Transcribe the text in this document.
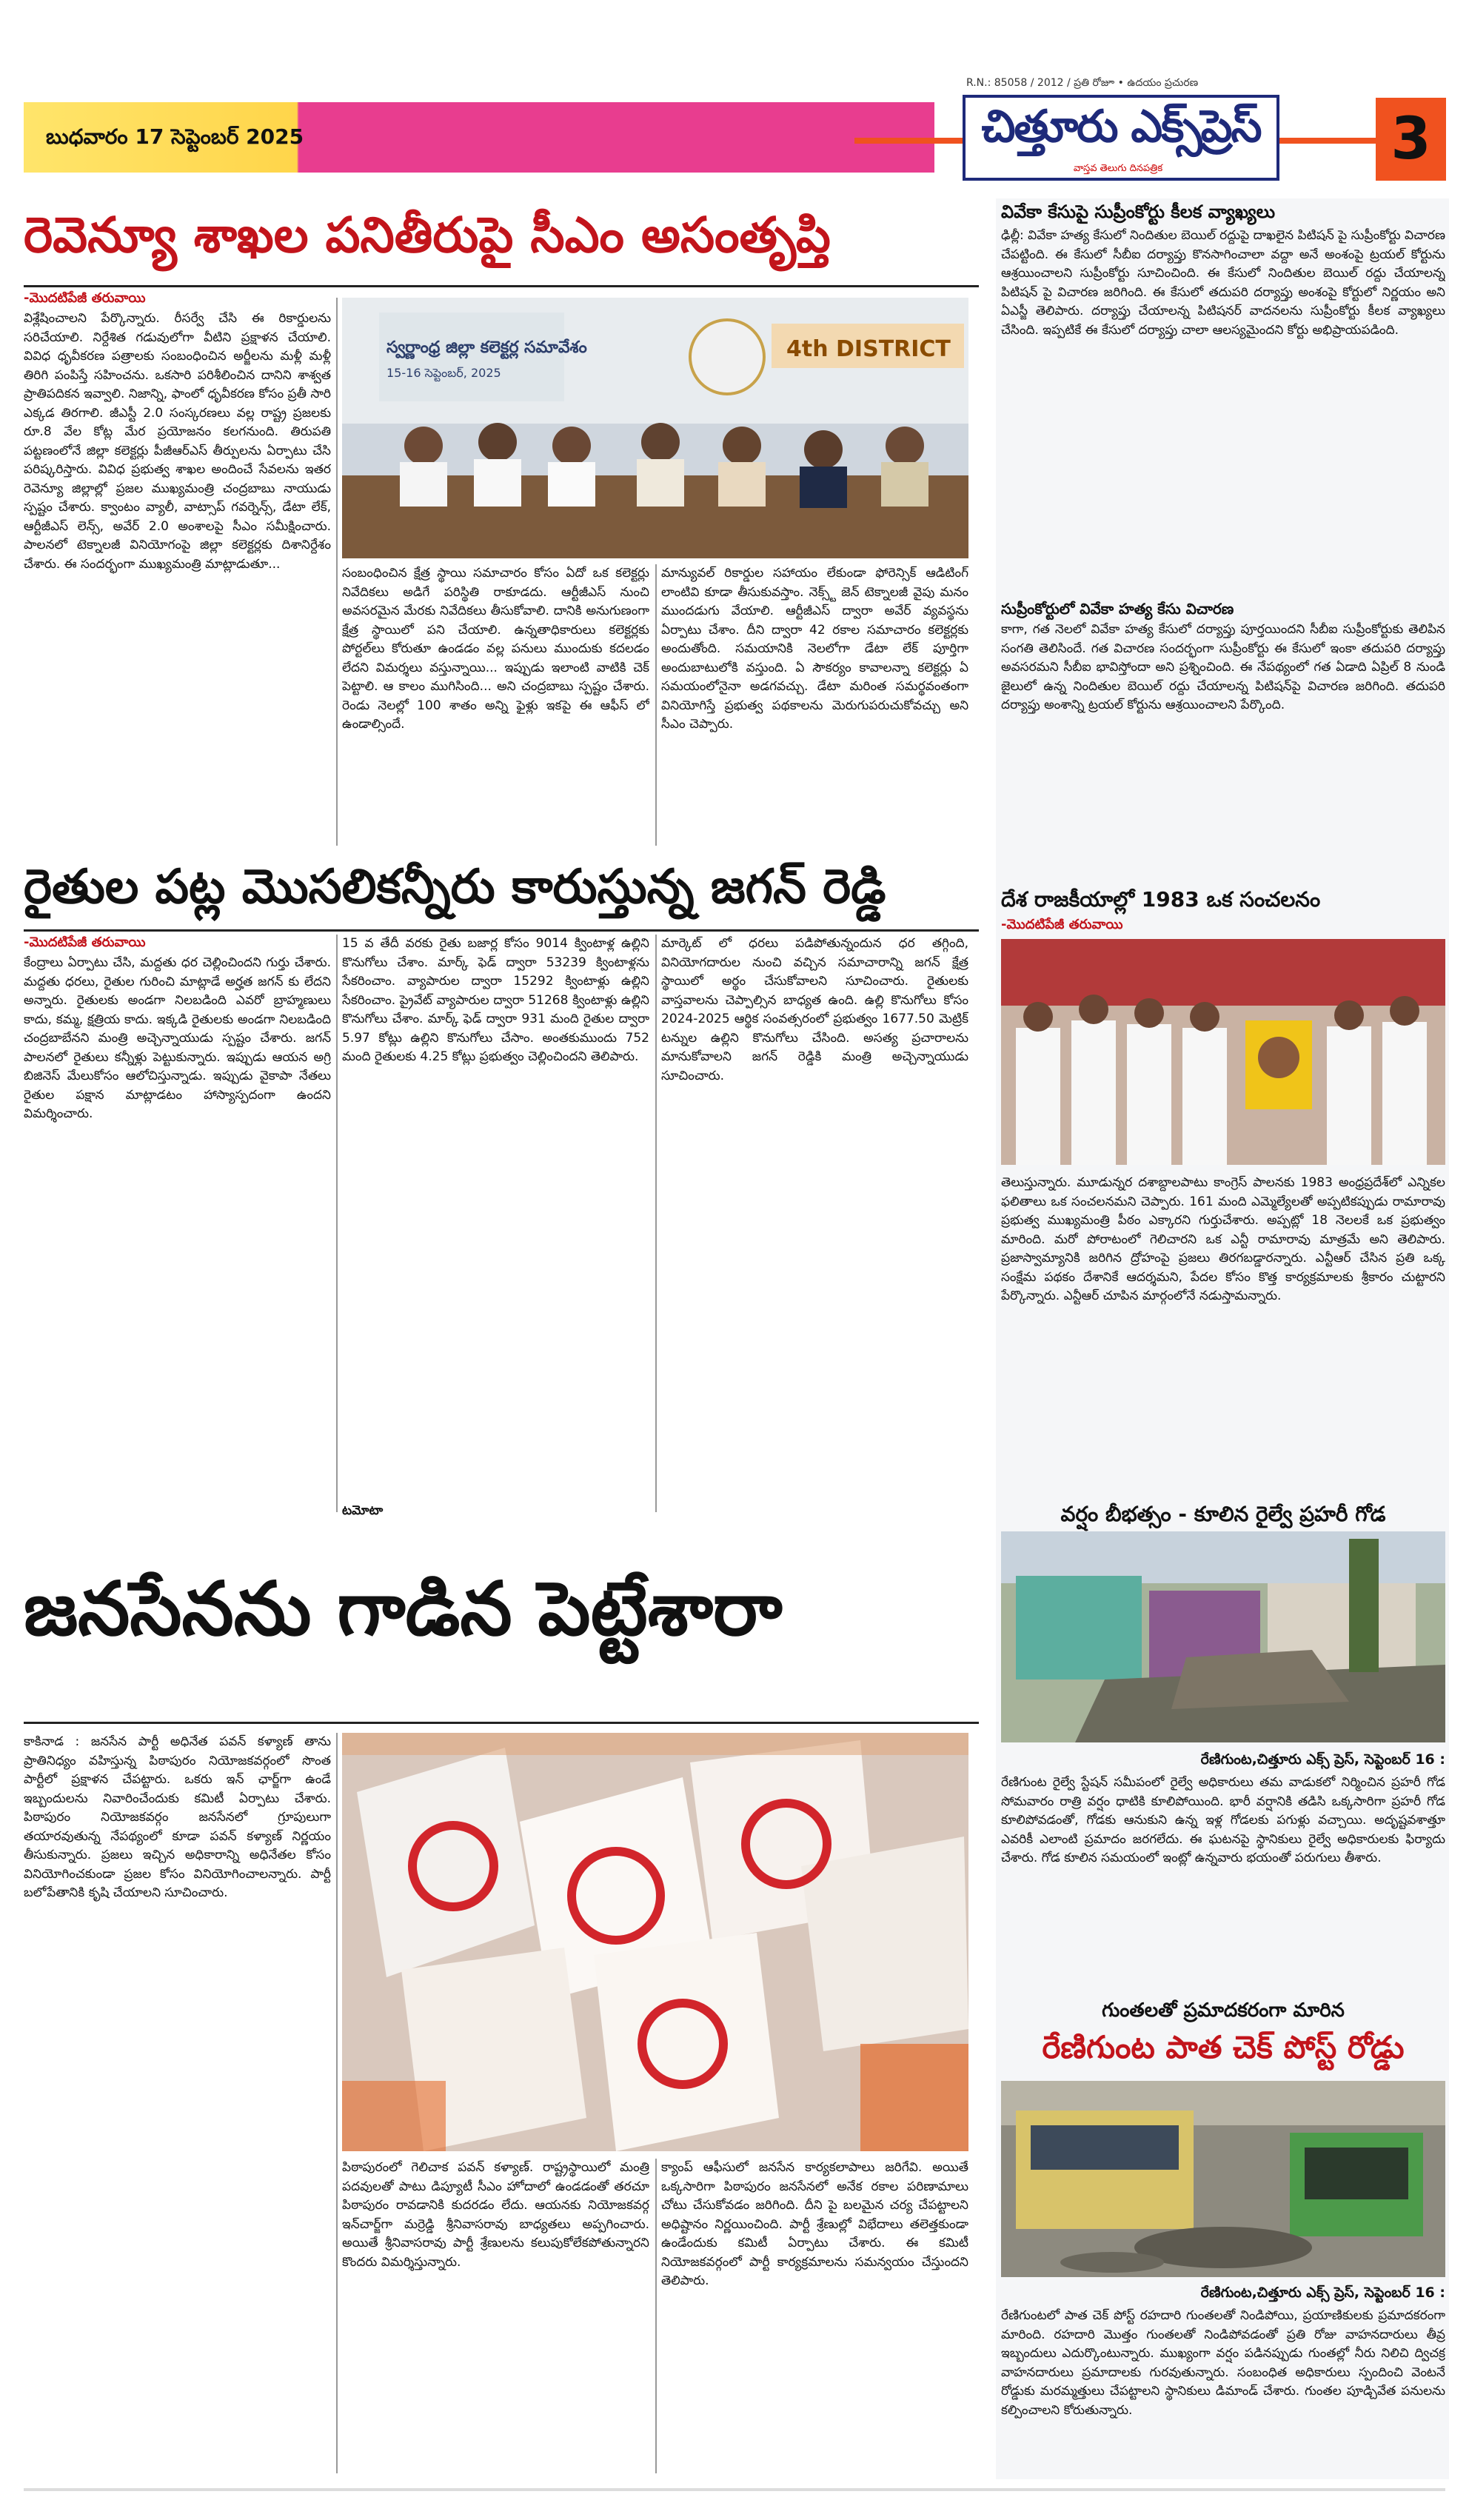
బుధవారం 17 సెప్టెంబర్ 2025
R.N.: 85058 / 2012 / ప్రతి రోజూ • ఉదయం ప్రచురణ
చిత్తూరు ఎక్స్‌ప్రెస్
వాస్తవ తెలుగు దినపత్రిక	3
రెవెన్యూ శాఖల పనితీరుపై సీఎం అసంతృప్తి
-మొదటిపేజీ తరువాయి
విశ్లేషించాలని పేర్కొన్నారు. రీసర్వే చేసి ఈ రికార్డులను సరిచేయాలి. నిర్దేశిత గడువులోగా వీటిని ప్రక్షాళన చేయాలి. వివిధ ధృవీకరణ పత్రాలకు సంబంధించిన అర్జీలను మళ్లీ మళ్లీ తిరిగి పంపిస్తే సహించను. ఒకసారి పరిశీలించిన దానిని శాశ్వత ప్రాతిపదికన ఇవ్వాలి. నిజాన్ని, ఫాంలో ధృవీకరణ కోసం ప్రతీ సారి ఎక్కడ తిరగాలి. జీఎస్టీ 2.0 సంస్కరణలు వల్ల రాష్ట్ర ప్రజలకు రూ.8 వేల కోట్ల మేర ప్రయోజనం కలగనుంది. తిరుపతి పట్టణంలోనే జిల్లా కలెక్టర్లు పీజీఆర్ఎస్ తీర్పులను ఏర్పాటు చేసి పరిష్కరిస్తారు. వివిధ ప్రభుత్వ శాఖల అందించే సేవలను ఇతర రెవెన్యూ జిల్లాల్లో ప్రజల ముఖ్యమంత్రి చంద్రబాబు నాయుడు స్పష్టం చేశారు. క్వాంటం వ్యాలీ, వాట్సాప్ గవర్నెన్స్, డేటా లేక్, ఆర్టీజీఎస్ లెన్స్, అవేర్ 2.0 అంశాలపై సీఎం సమీక్షించారు. పాలనలో టెక్నాలజీ వినియోగంపై జిల్లా కలెక్టర్లకు దిశానిర్దేశం చేశారు. ఈ సందర్భంగా ముఖ్యమంత్రి మాట్లాడుతూ...
స్వర్ణాంధ్ర జిల్లా కలెక్టర్ల సమావేశం
15-16 సెప్టెంబర్, 2025
4th DISTRICT
సంబంధించిన క్షేత్ర స్థాయి సమాచారం కోసం ఏదో ఒక కలెక్టర్లు నివేదికలు అడిగే పరిస్థితి రాకూడదు. ఆర్టీజీఎస్ నుంచి అవసరమైన మేరకు నివేదికలు తీసుకోవాలి. దానికి అనుగుణంగా క్షేత్ర స్థాయిలో పని చేయాలి. ఉన్నతాధికారులు కలెక్టర్లకు పోర్టల్‌లు కోరుతూ ఉండడం వల్ల పనులు ముందుకు కదలడం లేదని విమర్శలు వస్తున్నాయి... ఇప్పుడు ఇలాంటి వాటికి చెక్ పెట్టాలి. ఆ కాలం ముగిసింది... అని చంద్రబాబు స్పష్టం చేశారు. రెండు నెలల్లో 100 శాతం అన్ని ఫైళ్లు ఇకపై ఈ ఆఫీస్ లో ఉండాల్సిందే.
మాన్యువల్ రికార్డుల సహాయం లేకుండా ఫోరెన్సిక్ ఆడిటింగ్ లాంటివి కూడా తీసుకువస్తాం. నెక్స్ట్ జెన్ టెక్నాలజీ వైపు మనం ముందడుగు వేయాలి. ఆర్టీజీఎస్ ద్వారా అవేర్ వ్యవస్థను ఏర్పాటు చేశాం. దీని ద్వారా 42 రకాల సమాచారం కలెక్టర్లకు అందుతోంది. సమయానికి నెలలోగా డేటా లేక్ పూర్తిగా అందుబాటులోకి వస్తుంది. ఏ సౌకర్యం కావాలన్నా కలెక్టర్లు ఏ సమయంలోనైనా అడగవచ్చు. డేటా మరింత సమర్థవంతంగా వినియోగిస్తే ప్రభుత్వ పథకాలను మెరుగుపరుచుకోవచ్చు అని సీఎం చెప్పారు.
రైతుల పట్ల మొసలికన్నీరు కారుస్తున్న జగన్ రెడ్డి
-మొదటిపేజీ తరువాయి
కేంద్రాలు ఏర్పాటు చేసి, మద్దతు ధర చెల్లించిందని గుర్తు చేశారు. మద్దతు ధరలు, రైతుల గురించి మాట్లాడే అర్హత జగన్ కు లేదని అన్నారు. రైతులకు అండగా నిలబడింది ఎవరో బ్రాహ్మణులు కాదు, కమ్మ, క్షత్రియ కాదు. ఇక్కడి రైతులకు అండగా నిలబడింది చంద్రబాబేనని మంత్రి అచ్చెన్నాయుడు స్పష్టం చేశారు. జగన్ పాలనలో రైతులు కన్నీళ్లు పెట్టుకున్నారు. ఇప్పుడు ఆయన అగ్రి బిజినెస్ మేలుకోసం ఆలోచిస్తున్నాడు. ఇప్పుడు వైకాపా నేతలు రైతుల పక్షాన మాట్లాడటం హాస్యాస్పదంగా ఉందని విమర్శించారు.
15 వ తేదీ వరకు రైతు బజార్ల కోసం 9014 క్వింటాళ్ల ఉల్లిని కొనుగోలు చేశాం. మార్క్ ఫెడ్ ద్వారా 53239 క్వింటాళ్లను సేకరించాం. వ్యాపారుల ద్వారా 15292 క్వింటాళ్లు ఉల్లిని సేకరించాం. ప్రైవేట్ వ్యాపారుల ద్వారా 51268 క్వింటాళ్లు ఉల్లిని కొనుగోలు చేశాం. మార్క్ ఫెడ్ ద్వారా 931 మంది రైతుల ద్వారా 5.97 కోట్లు ఉల్లిని కొనుగోలు చేసాం. అంతకుముందు 752 మంది రైతులకు 4.25 కోట్లు ప్రభుత్వం చెల్లించిందని తెలిపారు.
మార్కెట్ లో ధరలు పడిపోతున్నందున ధర తగ్గింది, వినియోగదారుల నుంచి వచ్చిన సమాచారాన్ని జగన్ క్షేత్ర స్థాయిలో అర్థం చేసుకోవాలని సూచించారు. రైతులకు వాస్తవాలను చెప్పాల్సిన బాధ్యత ఉంది. ఉల్లి కొనుగోలు కోసం 2024-2025 ఆర్థిక సంవత్సరంలో ప్రభుత్వం 1677.50 మెట్రిక్ టన్నుల ఉల్లిని కొనుగోలు చేసింది. అసత్య ప్రచారాలను మానుకోవాలని జగన్ రెడ్డికి మంత్రి అచ్చెన్నాయుడు సూచించారు.
టమోటా
జనసేనను గాడిన పెట్టేశారా
కాకినాడ : జనసేన పార్టీ అధినేత పవన్ కళ్యాణ్ తాను ప్రాతినిధ్యం వహిస్తున్న పిఠాపురం నియోజకవర్గంలో సొంత పార్టీలో ప్రక్షాళన చేపట్టారు. ఒకరు ఇన్ ఛార్జ్‌గా ఉండే ఇబ్బందులను నివారించేందుకు కమిటీ ఏర్పాటు చేశారు. పిఠాపురం నియోజకవర్గం జనసేనలో గ్రూపులుగా తయారవుతున్న నేపథ్యంలో కూడా పవన్ కళ్యాణ్ నిర్ణయం తీసుకున్నారు. ప్రజలు ఇచ్చిన అధికారాన్ని అధినేతల కోసం వినియోగించకుండా ప్రజల కోసం వినియోగించాలన్నారు. పార్టీ బలోపేతానికి కృషి చేయాలని సూచించారు.
పిఠాపురంలో గెలిచాక పవన్ కళ్యాణ్. రాష్ట్రస్థాయిలో మంత్రి పదవులతో పాటు డిప్యూటీ సీఎం హోదాలో ఉండడంతో తరచూ పిఠాపురం రావడానికి కుదరడం లేదు. ఆయనకు నియోజకవర్గ ఇన్‌చార్జ్‌గా మర్రెడ్డి శ్రీనివాసరావు బాధ్యతలు అప్పగించారు. అయితే శ్రీనివాసరావు పార్టీ శ్రేణులను కలుపుకోలేకపోతున్నారని కొందరు విమర్శిస్తున్నారు.
క్యాంప్ ఆఫీసులో జనసేన కార్యకలాపాలు జరిగేవి. అయితే ఒక్కసారిగా పిఠాపురం జనసేనలో అనేక రకాల పరిణామాలు చోటు చేసుకోవడం జరిగింది. దీని పై బలమైన చర్య చేపట్టాలని అధిష్టానం నిర్ణయించింది. పార్టీ శ్రేణుల్లో విభేదాలు తలెత్తకుండా ఉండేందుకు కమిటీ ఏర్పాటు చేశారు. ఈ కమిటీ నియోజకవర్గంలో పార్టీ కార్యక్రమాలను సమన్వయం చేస్తుందని తెలిపారు.
వివేకా కేసుపై సుప్రీంకోర్టు కీలక వ్యాఖ్యలు
ఢిల్లీ: వివేకా హత్య కేసులో నిందితుల బెయిల్ రద్దుపై దాఖలైన పిటిషన్ పై సుప్రీంకోర్టు విచారణ చేపట్టింది. ఈ కేసులో సీబీఐ దర్యాప్తు కొనసాగించాలా వద్దా అనే అంశంపై ట్రయల్ కోర్టును ఆశ్రయించాలని సుప్రీంకోర్టు సూచించింది. ఈ కేసులో నిందితుల బెయిల్ రద్దు చేయాలన్న పిటిషన్ పై విచారణ జరిగింది. ఈ కేసులో తదుపరి దర్యాప్తు అంశంపై కోర్టులో నిర్ణయం అని ఏఎస్జీ తెలిపారు. దర్యాప్తు చేయాలన్న పిటిషనర్ వాదనలను సుప్రీంకోర్టు కీలక వ్యాఖ్యలు చేసింది. ఇప్పటికే ఈ కేసులో దర్యాప్తు చాలా ఆలస్యమైందని కోర్టు అభిప్రాయపడింది.
సుప్రీంకోర్టులో వివేకా హత్య కేసు విచారణ
కాగా, గత నెలలో వివేకా హత్య కేసులో దర్యాప్తు పూర్తయిందని సీబీఐ సుప్రీంకోర్టుకు తెలిపిన సంగతి తెలిసిందే. గత విచారణ సందర్భంగా సుప్రీంకోర్టు ఈ కేసులో ఇంకా తదుపరి దర్యాప్తు అవసరమని సీబీఐ భావిస్తోందా అని ప్రశ్నించింది. ఈ నేపథ్యంలో గత ఏడాది ఏప్రిల్ 8 నుండి జైలులో ఉన్న నిందితుల బెయిల్ రద్దు చేయాలన్న పిటిషన్‌పై విచారణ జరిగింది. తదుపరి దర్యాప్తు అంశాన్ని ట్రయల్ కోర్టును ఆశ్రయించాలని పేర్కొంది.
దేశ రాజకీయాల్లో 1983 ఒక సంచలనం
-మొదటిపేజీ తరువాయి
తెలుస్తున్నారు. మూడున్నర దశాబ్దాలపాటు కాంగ్రెస్ పాలనకు 1983 అంధ్రప్రదేశ్‌లో ఎన్నికల ఫలితాలు ఒక సంచలనమని చెప్పారు. 161 మంది ఎమ్మెల్యేలతో అప్పటికప్పుడు రామారావు ప్రభుత్వ ముఖ్యమంత్రి పీఠం ఎక్కారని గుర్తుచేశారు. అప్పట్లో 18 నెలలకే ఒక ప్రభుత్వం మారింది. మరో పోరాటంలో గెలిచారని ఒక ఎన్టీ రామారావు మాత్రమే అని తెలిపారు. ప్రజాస్వామ్యానికి జరిగిన ద్రోహంపై ప్రజలు తిరగబడ్డారన్నారు. ఎన్టీఆర్ చేసిన ప్రతి ఒక్క సంక్షేమ పథకం దేశానికే ఆదర్శమని, పేదల కోసం కొత్త కార్యక్రమాలకు శ్రీకారం చుట్టారని పేర్కొన్నారు. ఎన్టీఆర్ చూపిన మార్గంలోనే నడుస్తామన్నారు.
వర్షం బీభత్సం - కూలిన రైల్వే ప్రహరీ గోడ
రేణిగుంట,చిత్తూరు ఎక్స్ ప్రెస్, సెప్టెంబర్ 16 :
రేణిగుంట రైల్వే స్టేషన్ సమీపంలో రైల్వే అధికారులు తమ వాడుకలో నిర్మించిన ప్రహరీ గోడ సోమవారం రాత్రి వర్షం ధాటికి కూలిపోయింది. భారీ వర్షానికి తడిసి ఒక్కసారిగా ప్రహరీ గోడ కూలిపోవడంతో, గోడకు ఆనుకుని ఉన్న ఇళ్ల గోడలకు పగుళ్లు వచ్చాయి. అదృష్టవశాత్తూ ఎవరికీ ఎలాంటి ప్రమాదం జరగలేదు. ఈ ఘటనపై స్థానికులు రైల్వే అధికారులకు ఫిర్యాదు చేశారు. గోడ కూలిన సమయంలో ఇంట్లో ఉన్నవారు భయంతో పరుగులు తీశారు.
గుంతలతో ప్రమాదకరంగా మారిన
రేణిగుంట పాత చెక్ పోస్ట్ రోడ్డు
రేణిగుంట,చిత్తూరు ఎక్స్ ప్రెస్, సెప్టెంబర్ 16 :
రేణిగుంటలో పాత చెక్ పోస్ట్ రహదారి గుంతలతో నిండిపోయి, ప్రయాణికులకు ప్రమాదకరంగా మారింది. రహదారి మొత్తం గుంతలతో నిండిపోవడంతో ప్రతి రోజు వాహనదారులు తీవ్ర ఇబ్బందులు ఎదుర్కొంటున్నారు. ముఖ్యంగా వర్షం పడినప్పుడు గుంతల్లో నీరు నిలిచి ద్విచక్ర వాహనదారులు ప్రమాదాలకు గురవుతున్నారు. సంబంధిత అధికారులు స్పందించి వెంటనే రోడ్డుకు మరమ్మత్తులు చేపట్టాలని స్థానికులు డిమాండ్ చేశారు. గుంతల పూడ్చివేత పనులను కల్పించాలని కోరుతున్నారు.
